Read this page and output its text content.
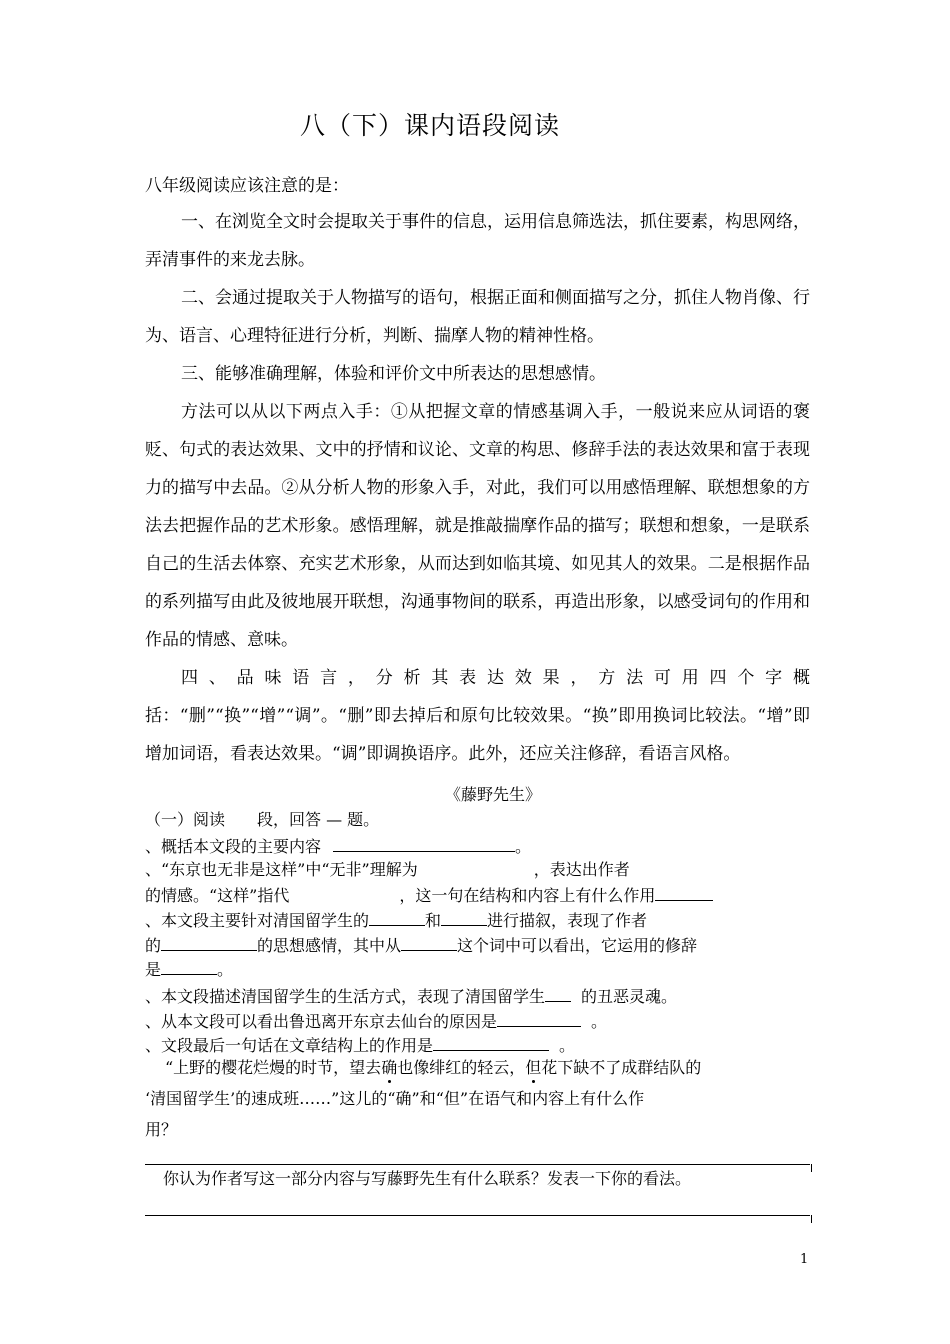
八（下）课内语段阅读

八年级阅读应该注意的是：

一、在浏览全文时会提取关于事件的信息，运用信息筛选法，抓住要素，构思网络，弄清事件的来龙去脉。

二、会通过提取关于人物描写的语句，根据正面和侧面描写之分，抓住人物肖像、行为、语言、心理特征进行分析，判断、揣摩人物的精神性格。

三、能够准确理解，体验和评价文中所表达的思想感情。

方法可以从以下两点入手：①从把握文章的情感基调入手，一般说来应从词语的褒贬、句式的表达效果、文中的抒情和议论、文章的构思、修辞手法的表达效果和富于表现力的描写中去品。②从分析人物的形象入手，对此，我们可以用感悟理解、联想想象的方法去把握作品的艺术形象。感悟理解，就是推敲揣摩作品的描写；联想和想象，一是联系自己的生活去体察、充实艺术形象，从而达到如临其境、如见其人的效果。二是根据作品的系列描写由此及彼地展开联想，沟通事物间的联系，再造出形象，以感受词句的作用和作品的情感、意味。

四、品味语言，分析其表达效果，方法可用四个字概括：“删”“换”“增”“调”。“删”即去掉后和原句比较效果。“换”即用换词比较法。“增”即增加词语，看表达效果。“调”即调换语序。此外，还应关注修辞，看语言风格。

《藤野先生》
（一）阅读　　段，回答 — 题。
、概括本文段的主要内容	。
、“东京也无非是这样”中“无非”理解为	，表达出作者
的情感。“这样”指代	，这一句在结构和内容上有什么作用
、本文段主要针对清国留学生的	和	进行描叙，表现了作者
的	的思想感情，其中从	这个词中可以看出，它运用的修辞
是	。
、本文段描述清国留学生的生活方式，表现了清国留学生 的丑恶灵魂。
、从本文段可以看出鲁迅离开东京去仙台的原因是	。
、文段最后一句话在文章结构上的作用是	。
“上野的樱花烂熳的时节，望去确也像绯红的轻云，但花下缺不了成群结队的
‘清国留学生’的速成班……”这儿的“确”和“但”在语气和内容上有什么作
用？
你认为作者写这一部分内容与写藤野先生有什么联系？发表一下你的看法。
1
